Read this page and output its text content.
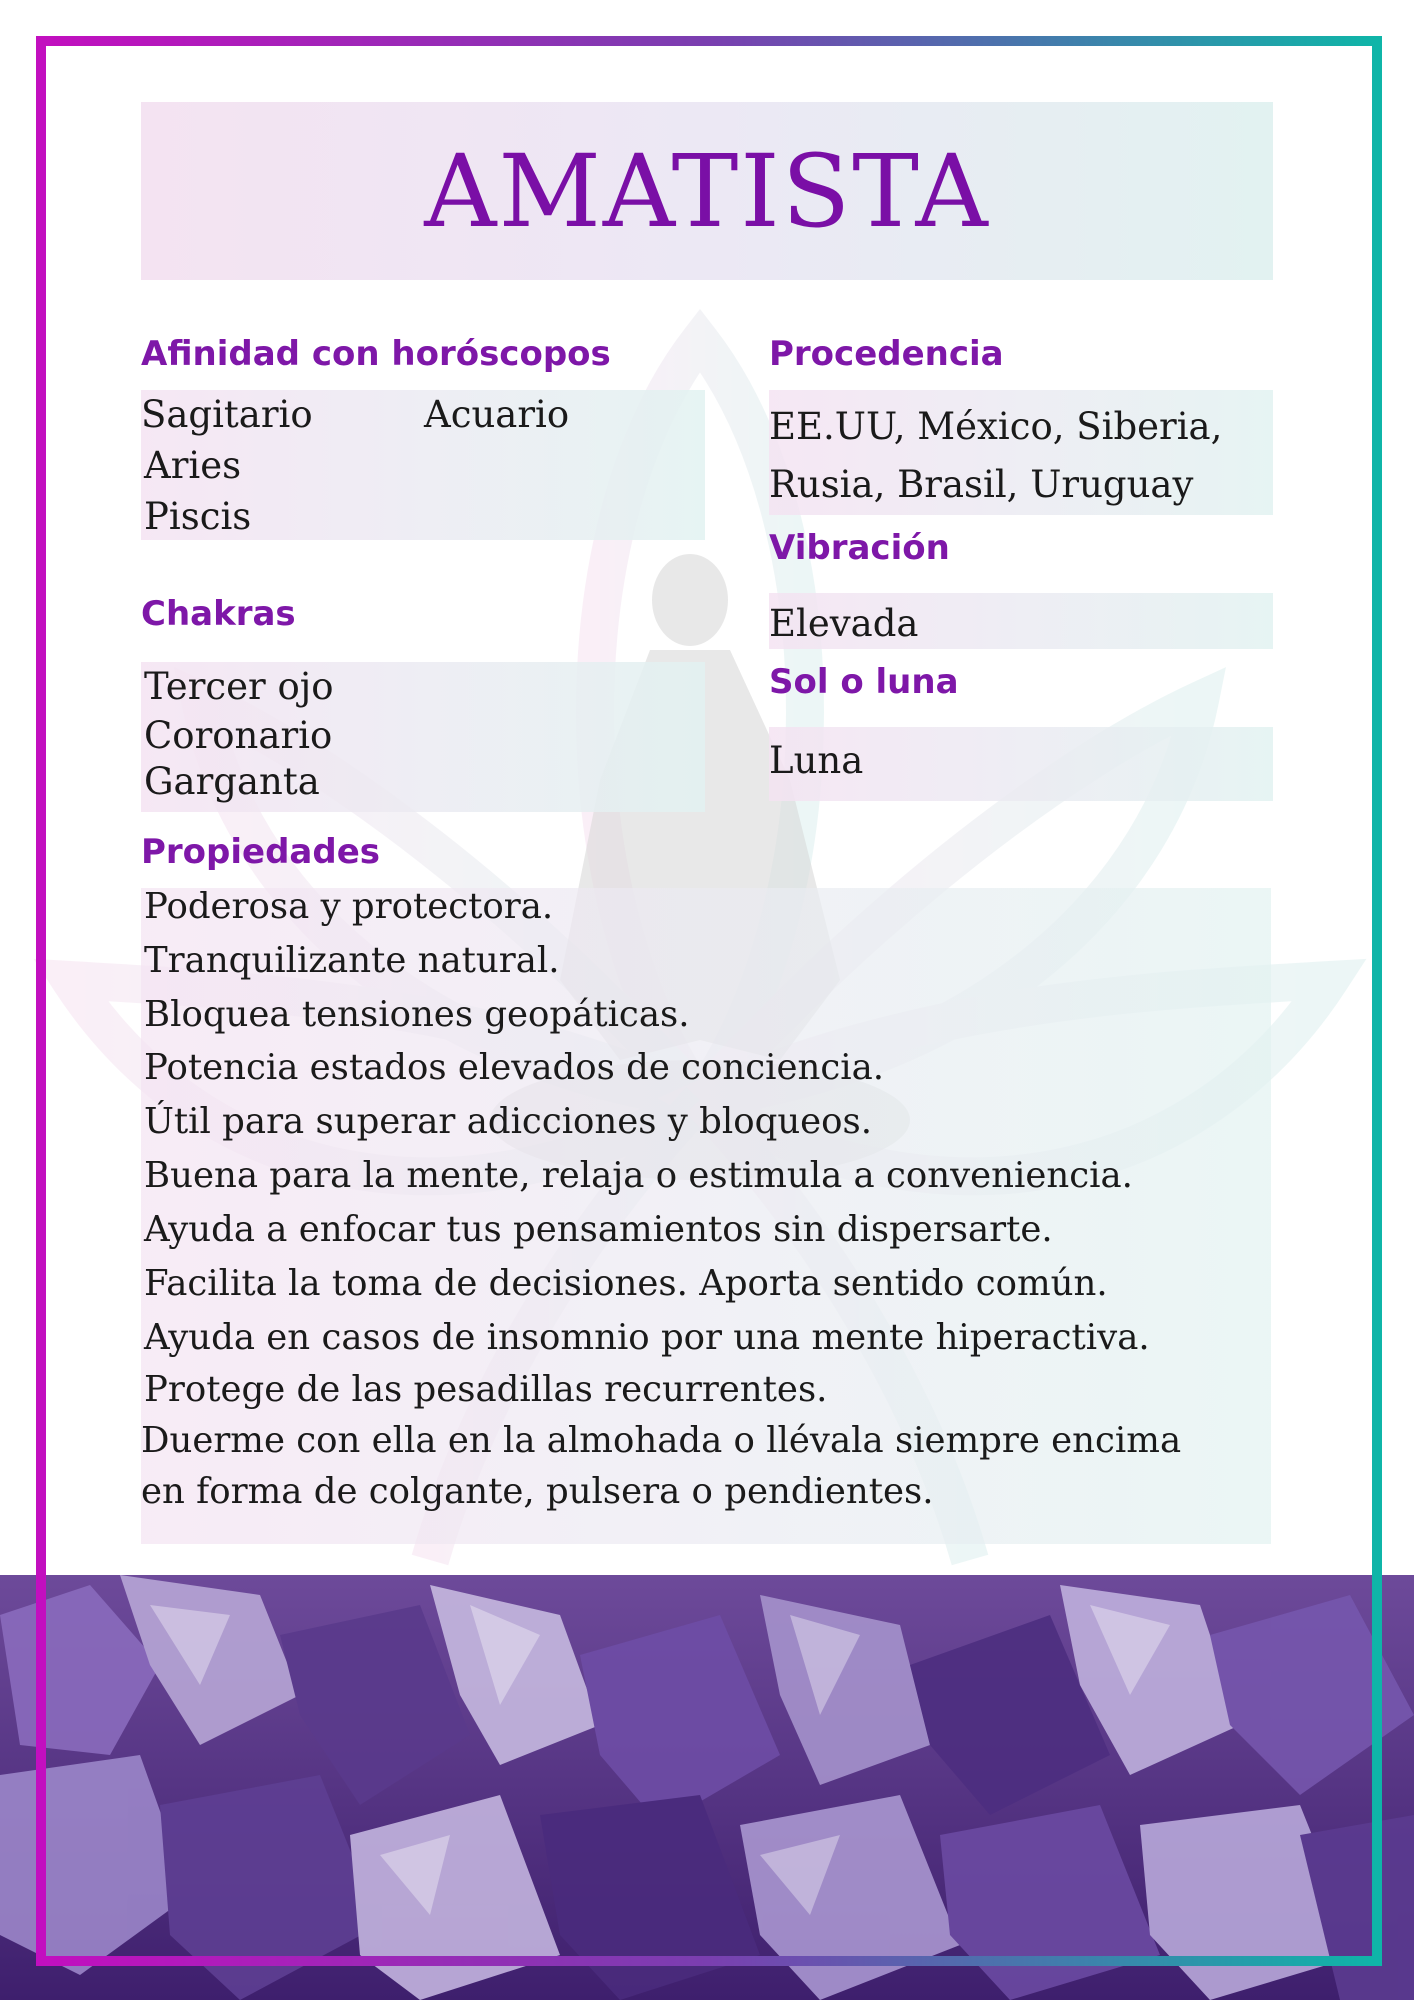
AMATISTA
Afinidad con horóscopos
Sagitario	Acuario
Aries
Piscis
Procedencia
EE.UU, México, Siberia,
Rusia, Brasil, Uruguay
Vibración
Elevada
Sol o luna
Luna
Chakras
Tercer ojo
Coronario
Garganta
Propiedades
Poderosa y protectora.
Tranquilizante natural.
Bloquea tensiones geopáticas.
Potencia estados elevados de conciencia.
Útil para superar adicciones y bloqueos.
Buena para la mente, relaja o estimula a conveniencia.
Ayuda a enfocar tus pensamientos sin dispersarte.
Facilita la toma de decisiones. Aporta sentido común.
Ayuda en casos de insomnio por una mente hiperactiva.
Protege de las pesadillas recurrentes.
Duerme con ella en la almohada o llévala siempre encima
en forma de colgante, pulsera o pendientes.
